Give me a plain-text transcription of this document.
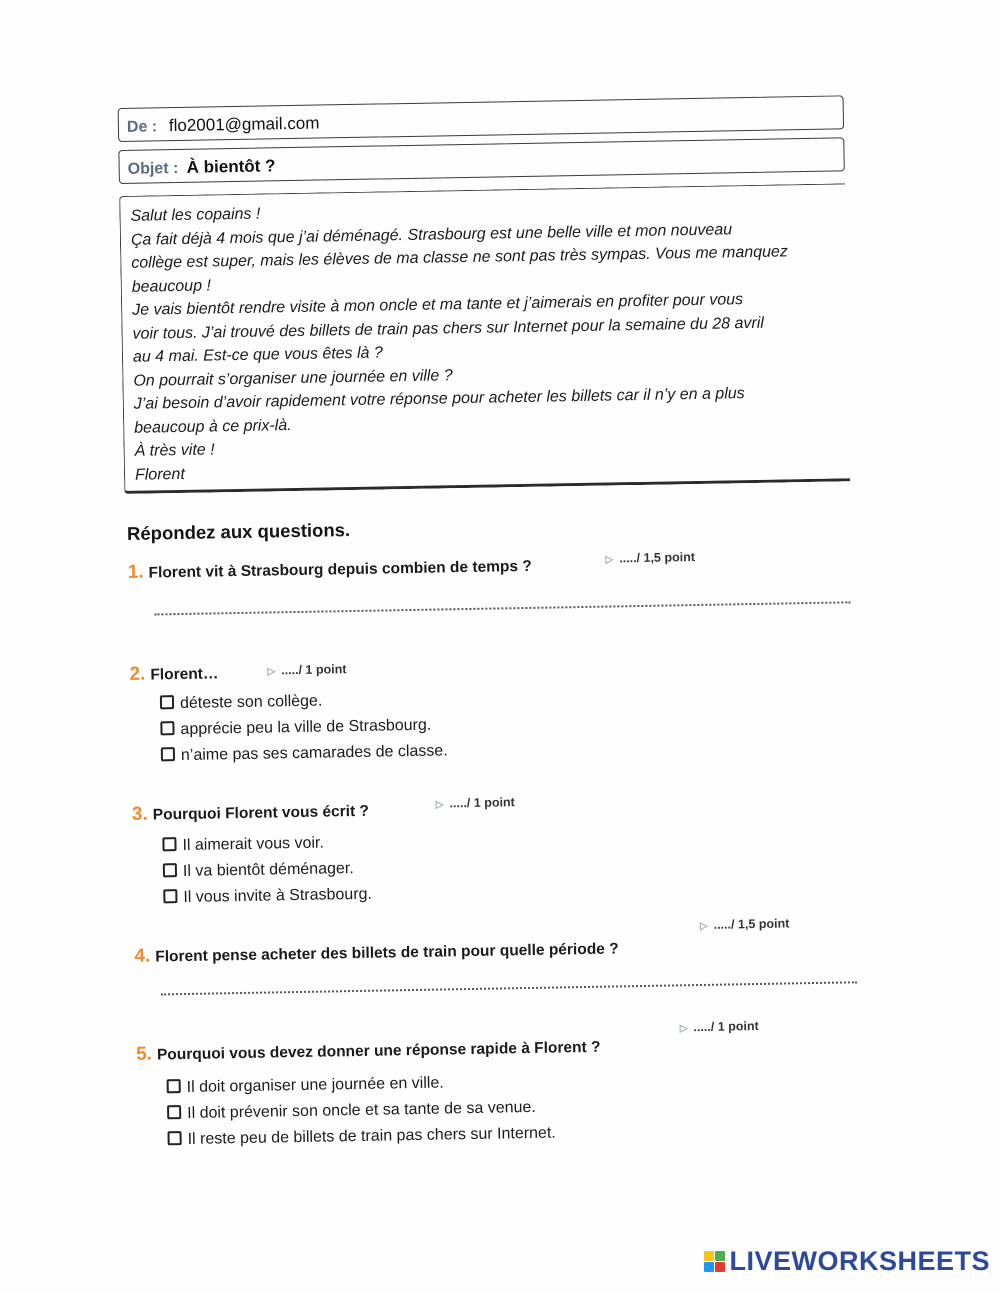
De : flo2001@gmail.com
Objet : À bientôt ?
Salut les copains !
Ça fait déjà 4 mois que j’ai déménagé. Strasbourg est une belle ville et mon nouveau
collège est super, mais les élèves de ma classe ne sont pas très sympas. Vous me manquez
beaucoup !
Je vais bientôt rendre visite à mon oncle et ma tante et j’aimerais en profiter pour vous
voir tous. J’ai trouvé des billets de train pas chers sur Internet pour la semaine du 28 avril
au 4 mai. Est-ce que vous êtes là ?
On pourrait s’organiser une journée en ville ?
J’ai besoin d’avoir rapidement votre réponse pour acheter les billets car il n’y en a plus
beaucoup à ce prix-là.
À très vite !
Florent
Répondez aux questions.
1. Florent vit à Strasbourg depuis combien de temps ?	▷ ...../ 1,5 point
2. Florent…	▷ ...../ 1 point
déteste son collège.
apprécie peu la ville de Strasbourg.
n’aime pas ses camarades de classe.
3. Pourquoi Florent vous écrit ?	▷ ...../ 1 point
Il aimerait vous voir.
Il va bientôt déménager.
Il vous invite à Strasbourg.
4. Florent pense acheter des billets de train pour quelle période ?
▷ ...../ 1,5 point
5. Pourquoi vous devez donner une réponse rapide à Florent ?
▷ ...../ 1 point
Il doit organiser une journée en ville.
Il doit prévenir son oncle et sa tante de sa venue.
Il reste peu de billets de train pas chers sur Internet.
LIVEWORKSHEETS
